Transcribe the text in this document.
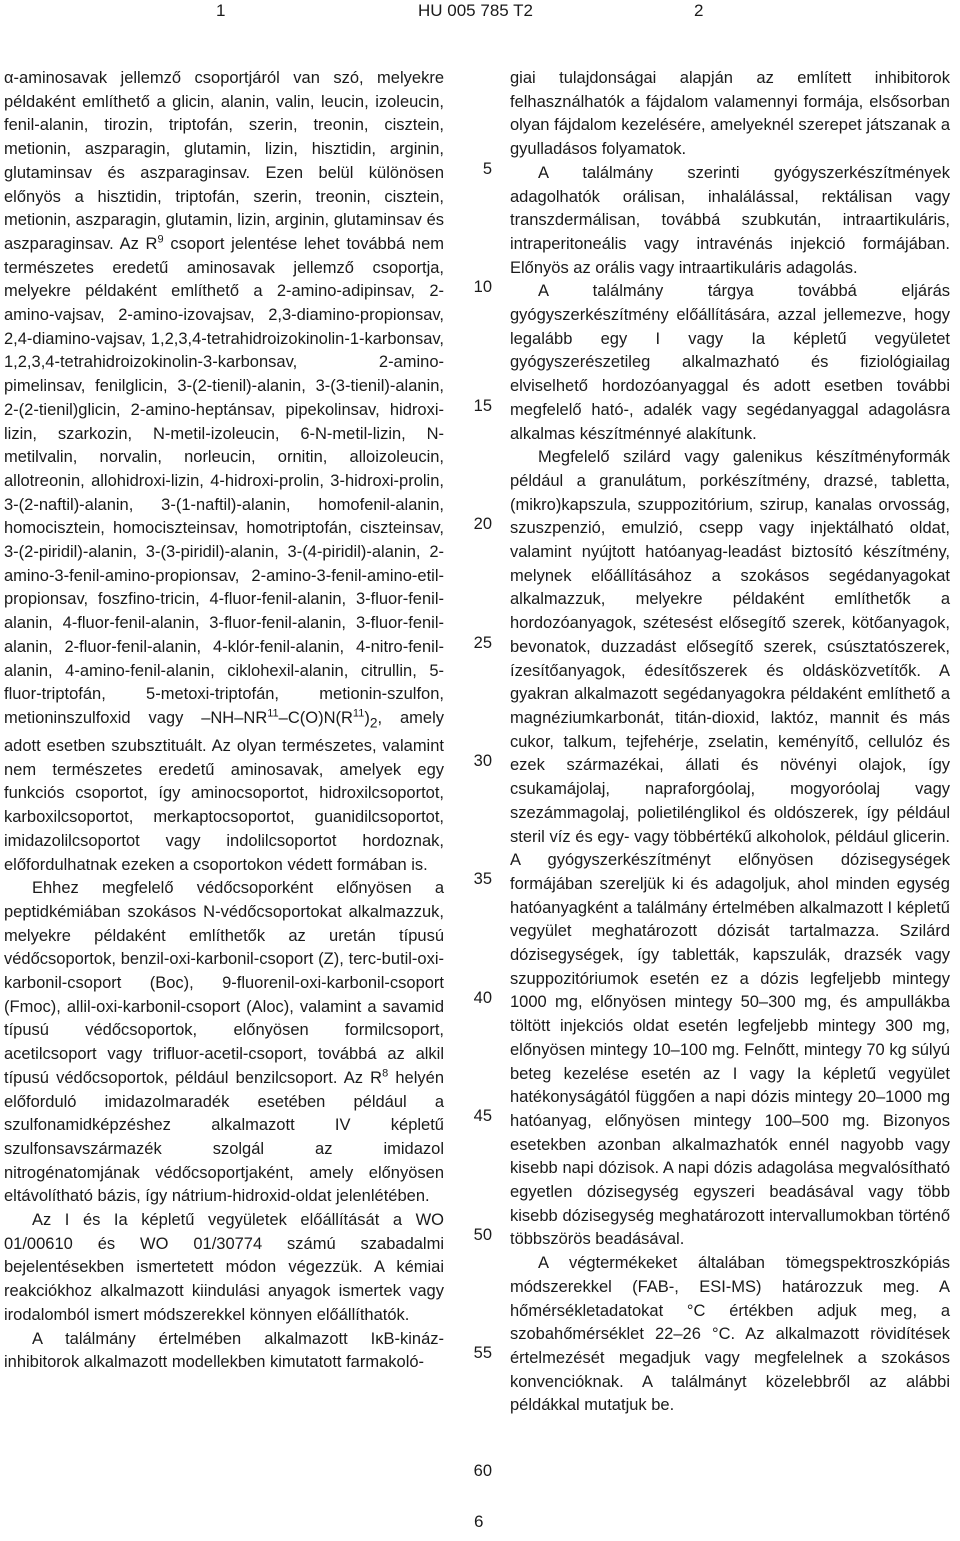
1	HU 005 785 T2	2

α-aminosavak jellemző csoportjáról van szó, melyekre példaként említhető a glicin, alanin, valin, leucin, izoleucin, fenil-alanin, tirozin, triptofán, szerin, treonin, cisztein, metionin, aszparagin, glutamin, lizin, hisztidin, arginin, glutaminsav és aszparaginsav. Ezen belül különösen előnyös a hisztidin, triptofán, szerin, treonin, cisztein, metionin, aszparagin, glutamin, lizin, arginin, glutaminsav és aszparaginsav. Az $R^9$ csoport jelentése lehet továbbá nem természetes eredetű aminosavak jellemző csoportja, melyekre példaként említhető a 2-amino-adipinsav, 2-amino-vajsav, 2-amino-izovajsav, 2,3-diamino-propionsav, 2,4-diamino-vajsav, 1,2,3,4-tetrahidroizokinolin-1-karbonsav, 1,2,3,4-tetrahidroizokinolin-3-karbonsav, 2-amino-pimelinsav, fenilglicin, 3-(2-tienil)-alanin, 3-(3-tienil)-alanin, 2-(2-tienil)glicin, 2-amino-heptánsav, pipekolinsav, hidroxi-lizin, szarkozin, N-metil-izoleucin, 6-N-metil-lizin, N-metilvalin, norvalin, norleucin, ornitin, alloizoleucin, allotreonin, allohidroxi-lizin, 4-hidroxi-prolin, 3-hidroxi-prolin, 3-(2-naftil)-alanin, 3-(1-naftil)-alanin, homofenil-alanin, homocisztein, homociszteinsav, homotriptofán, ciszteinsav, 3-(2-piridil)-alanin, 3-(3-piridil)-alanin, 3-(4-piridil)-alanin, 2-amino-3-fenil-amino-propionsav, 2-amino-3-fenil-amino-etil-propionsav, foszfino-tricin, 4-fluor-fenil-alanin, 3-fluor-fenil-alanin, 4-fluor-fenil-alanin, 3-fluor-fenil-alanin, 3-fluor-fenil-alanin, 2-fluor-fenil-alanin, 4-klór-fenil-alanin, 4-nitro-fenil-alanin, 4-amino-fenil-alanin, ciklohexil-alanin, citrullin, 5-fluor-triptofán, 5-metoxi-triptofán, metionin-szulfon, metioninszulfoxid vagy $-NH-NR^{11}-C(O)N(R^{11})_2$, amely adott esetben szubsztituált. Az olyan természetes, valamint nem természetes eredetű aminosavak, amelyek egy funkciós csoportot, így aminocsoportot, hidroxilcsoportot, karboxilcsoportot, merkaptocsoportot, guanidilcsoportot, imidazolilcsoportot vagy indolilcsoportot hordoznak, előfordulhatnak ezeken a csoportokon védett formában is.

Ehhez megfelelő védőcsoporként előnyösen a peptidkémiában szokásos N-védőcsoportokat alkalmazzuk, melyekre példaként említhetők az uretán típusú védőcsoportok, benzil-oxi-karbonil-csoport (Z), terc-butil-oxi-karbonil-csoport (Boc), 9-fluorenil-oxi-karbonil-csoport (Fmoc), allil-oxi-karbonil-csoport (Aloc), valamint a savamid típusú védőcsoportok, előnyösen formilcsoport, acetilcsoport vagy trifluor-acetil-csoport, továbbá az alkil típusú védőcsoportok, például benzilcsoport. Az $R^8$ helyén előforduló imidazolmaradék esetében például a szulfonamidképzéshez alkalmazott IV képletű szulfonsavszármazék szolgál az imidazol nitrogénatomjának védőcsoportjaként, amely előnyösen eltávolítható bázis, így nátrium-hidroxid-oldat jelenlétében.

Az I és Ia képletű vegyületek előállítását a WO 01/00610 és WO 01/30774 számú szabadalmi bejelentésekben ismertetett módon végezzük. A kémiai reakciókhoz alkalmazott kiindulási anyagok ismertek vagy irodalomból ismert módszerekkel könnyen előállíthatók.

A találmány értelmében alkalmazott IκB-kináz-inhibitorok alkalmazott modellekben kimutatott farmakoló-

5
10
15
20
25
30
35
40
45
50
55
60

giai tulajdonságai alapján az említett inhibitorok felhasználhatók a fájdalom valamennyi formája, elsősorban olyan fájdalom kezelésére, amelyeknél szerepet játszanak a gyulladásos folyamatok.

A találmány szerinti gyógyszerkészítmények adagolhatók orálisan, inhalálással, rektálisan vagy transzdermálisan, továbbá szubkután, intraartikuláris, intraperitoneális vagy intravénás injekció formájában. Előnyös az orális vagy intraartikuláris adagolás.

A találmány tárgya továbbá eljárás gyógyszerkészítmény előállítására, azzal jellemezve, hogy legalább egy I vagy Ia képletű vegyületet gyógyszerészetileg alkalmazható és fiziológiailag elviselhető hordozóanyaggal és adott esetben további megfelelő ható-, adalék vagy segédanyaggal adagolásra alkalmas készítménnyé alakítunk.

Megfelelő szilárd vagy galenikus készítményformák például a granulátum, porkészítmény, drazsé, tabletta, (mikro)kapszula, szuppozitórium, szirup, kanalas orvosság, szuszpenzió, emulzió, csepp vagy injektálható oldat, valamint nyújtott hatóanyag-leadást biztosító készítmény, melynek előállításához a szokásos segédanyagokat alkalmazzuk, melyekre példaként említhetők a hordozóanyagok, szétesést elősegítő szerek, kötőanyagok, bevonatok, duzzadást elősegítő szerek, csúsztatószerek, ízesítőanyagok, édesítőszerek és oldásközvetítők. A gyakran alkalmazott segédanyagokra példaként említhető a magnéziumkarbonát, titán-dioxid, laktóz, mannit és más cukor, talkum, tejfehérje, zselatin, keményítő, cellulóz és ezek származékai, állati és növényi olajok, így csukamájolaj, napraforgóolaj, mogyoróolaj vagy szezámmagolaj, polietilénglikol és oldószerek, így például steril víz és egy- vagy többértékű alkoholok, például glicerin. A gyógyszerkészítményt előnyösen dózisegységek formájában szereljük ki és adagoljuk, ahol minden egység hatóanyagként a találmány értelmében alkalmazott I képletű vegyület meghatározott dózisát tartalmazza. Szilárd dózisegységek, így tabletták, kapszulák, drazsék vagy szuppozitóriumok esetén ez a dózis legfeljebb mintegy 1000 mg, előnyösen mintegy 50–300 mg, és ampullákba töltött injekciós oldat esetén legfeljebb mintegy 300 mg, előnyösen mintegy 10–100 mg. Felnőtt, mintegy 70 kg súlyú beteg kezelése esetén az I vagy Ia képletű vegyület hatékonyságától függően a napi dózis mintegy 20–1000 mg hatóanyag, előnyösen mintegy 100–500 mg. Bizonyos esetekben azonban alkalmazhatók ennél nagyobb vagy kisebb napi dózisok. A napi dózis adagolása megvalósítható egyetlen dózisegység egyszeri beadásával vagy több kisebb dózisegység meghatározott intervallumokban történő többszörös beadásával.

A végtermékeket általában tömegspektroszkópiás módszerekkel (FAB-, ESI-MS) határozzuk meg. A hőmérsékletadatokat °C értékben adjuk meg, a szobahőmérséklet 22–26 °C. Az alkalmazott rövidítések értelmezését megadjuk vagy megfelelnek a szokásos konvencióknak. A találmányt közelebbről az alábbi példákkal mutatjuk be.

6
